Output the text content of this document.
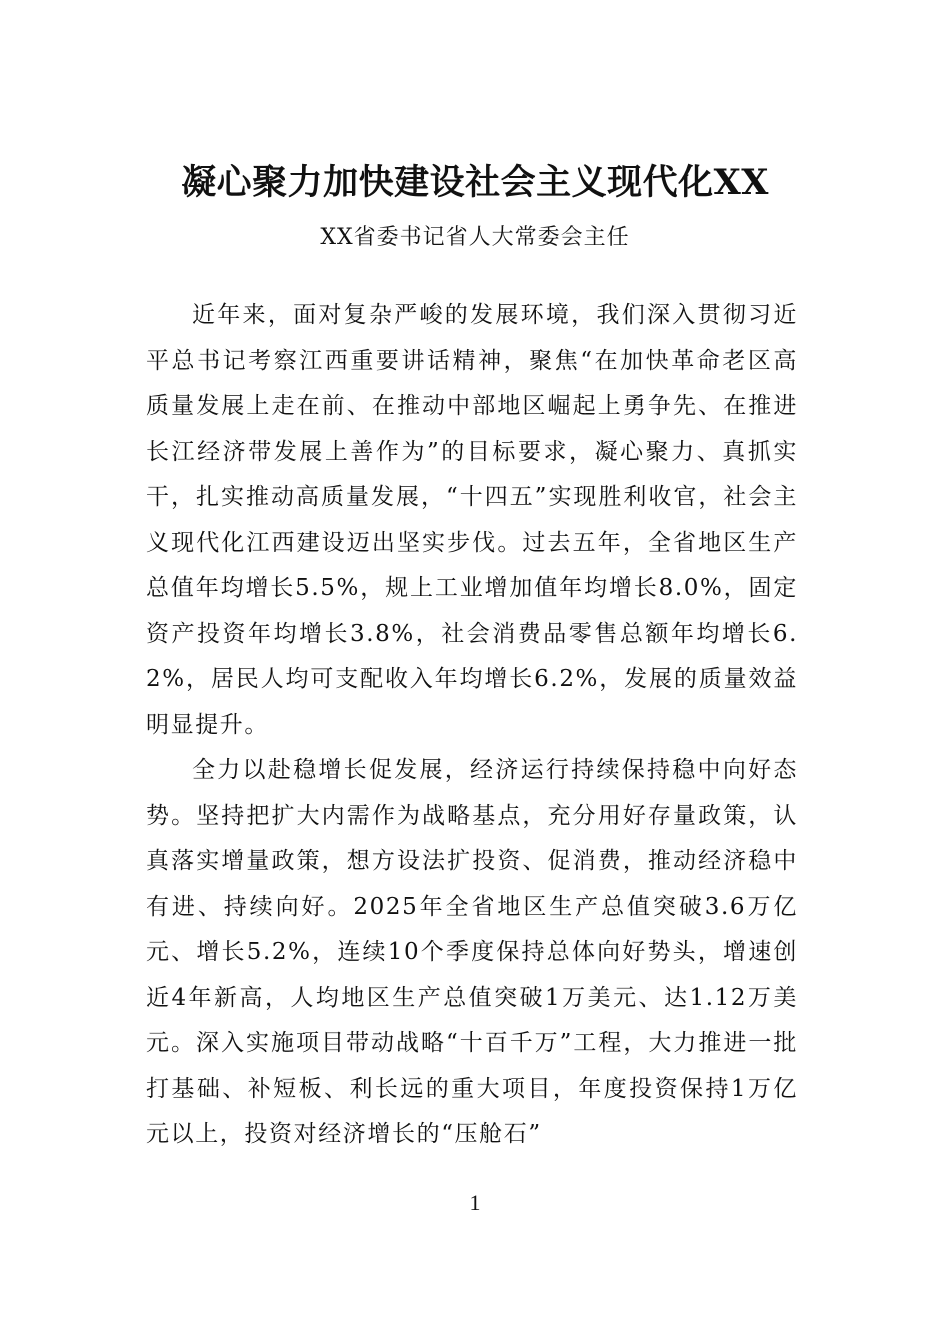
凝心聚力加快建设社会主义现代化XX
XX省委书记省人大常委会主任

近年来，面对复杂严峻的发展环境，我们深入贯彻习近平总书记考察江西重要讲话精神，聚焦“在加快革命老区高质量发展上走在前、在推动中部地区崛起上勇争先、在推进长江经济带发展上善作为”的目标要求，凝心聚力、真抓实干，扎实推动高质量发展，“十四五”实现胜利收官，社会主义现代化江西建设迈出坚实步伐。过去五年，全省地区生产总值年均增长5.5%，规上工业增加值年均增长8.0%，固定资产投资年均增长3.8%，社会消费品零售总额年均增长6.2%，居民人均可支配收入年均增长6.2%，发展的质量效益明显提升。

全力以赴稳增长促发展，经济运行持续保持稳中向好态势。坚持把扩大内需作为战略基点，充分用好存量政策，认真落实增量政策，想方设法扩投资、促消费，推动经济稳中有进、持续向好。2025年全省地区生产总值突破3.6万亿元、增长5.2%，连续10个季度保持总体向好势头，增速创近4年新高，人均地区生产总值突破1万美元、达1.12万美元。深入实施项目带动战略“十百千万”工程，大力推进一批打基础、补短板、利长远的重大项目，年度投资保持1万亿元以上，投资对经济增长的“压舱石”

1
